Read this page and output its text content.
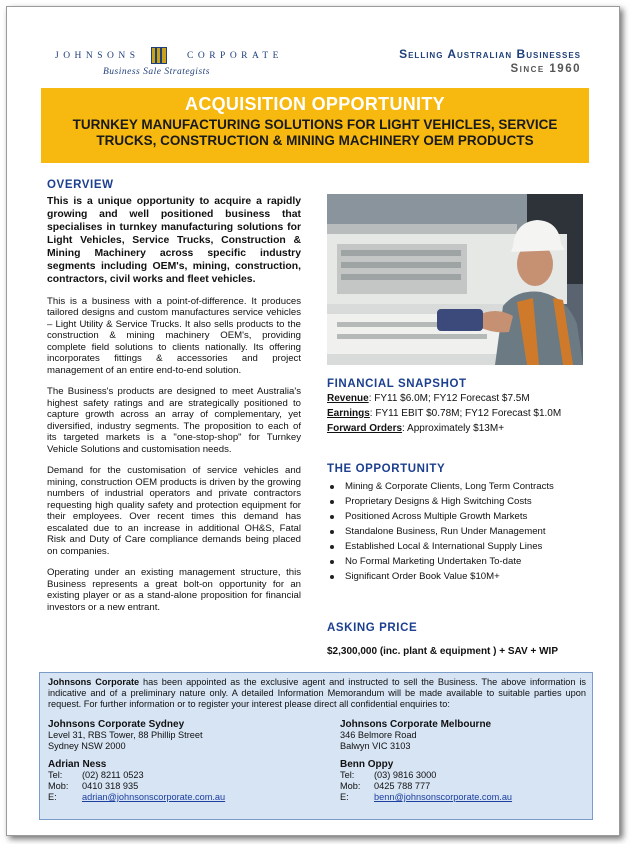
JOHNSONS	CORPORATE
Business Sale Strategists
Selling Australian Businesses
Since 1960
ACQUISITION OPPORTUNITY
TURNKEY MANUFACTURING SOLUTIONS FOR LIGHT VEHICLES, SERVICE TRUCKS, CONSTRUCTION & MINING MACHINERY OEM PRODUCTS
OVERVIEW
This is a unique opportunity to acquire a rapidly growing and well positioned business that specialises in turnkey manufacturing solutions for Light Vehicles, Service Trucks, Construction & Mining Machinery across specific industry segments including OEM's, mining, construction, contractors, civil works and fleet vehicles.

This is a business with a point-of-difference. It produces tailored designs and custom manufactures service vehicles – Light Utility & Service Trucks. It also sells products to the construction & mining machinery OEM's, providing complete field solutions to clients nationally. Its offering incorporates fittings & accessories and project management of an entire end-to-end solution.

The Business's products are designed to meet Australia's highest safety ratings and are strategically positioned to capture growth across an array of complementary, yet diversified, industry segments. The proposition to each of its targeted markets is a "one-stop-shop" for Turnkey Vehicle Solutions and customisation needs.

Demand for the customisation of service vehicles and mining, construction OEM products is driven by the growing numbers of industrial operators and private contractors requesting high quality safety and protection equipment for their employees. Over recent times this demand has escalated due to an increase in additional OH&S, Fatal Risk and Duty of Care compliance demands being placed on companies.

Operating under an existing management structure, this Business represents a great bolt-on opportunity for an existing player or as a stand-alone proposition for financial investors or a new entrant.

FINANCIAL SNAPSHOT
Revenue: FY11 $6.0M; FY12 Forecast $7.5M
Earnings: FY11 EBIT $0.78M; FY12 Forecast $1.0M
Forward Orders: Approximately $13M+
THE OPPORTUNITY
Mining & Corporate Clients, Long Term Contracts
Proprietary Designs & High Switching Costs
Positioned Across Multiple Growth Markets
Standalone Business, Run Under Management
Established Local & International Supply Lines
No Formal Marketing Undertaken To-date
Significant Order Book Value $10M+
ASKING PRICE
$2,300,000 (inc. plant & equipment ) + SAV + WIP
Johnsons Corporate has been appointed as the exclusive agent and instructed to sell the Business. The above information is indicative and of a preliminary nature only. A detailed Information Memorandum will be made available to suitable parties upon request. For further information or to register your interest please direct all confidential enquiries to:
Johnsons Corporate Sydney
Level 31, RBS Tower, 88 Phillip Street
Sydney NSW 2000
Adrian Ness
Tel:	(02) 8211 0523
Mob:	0410 318 935
E:	adrian@johnsonscorporate.com.au
Johnsons Corporate Melbourne
346 Belmore Road
Balwyn VIC 3103
Benn Oppy
Tel:	(03) 9816 3000
Mob:	0425 788 777
E:	benn@johnsonscorporate.com.au
